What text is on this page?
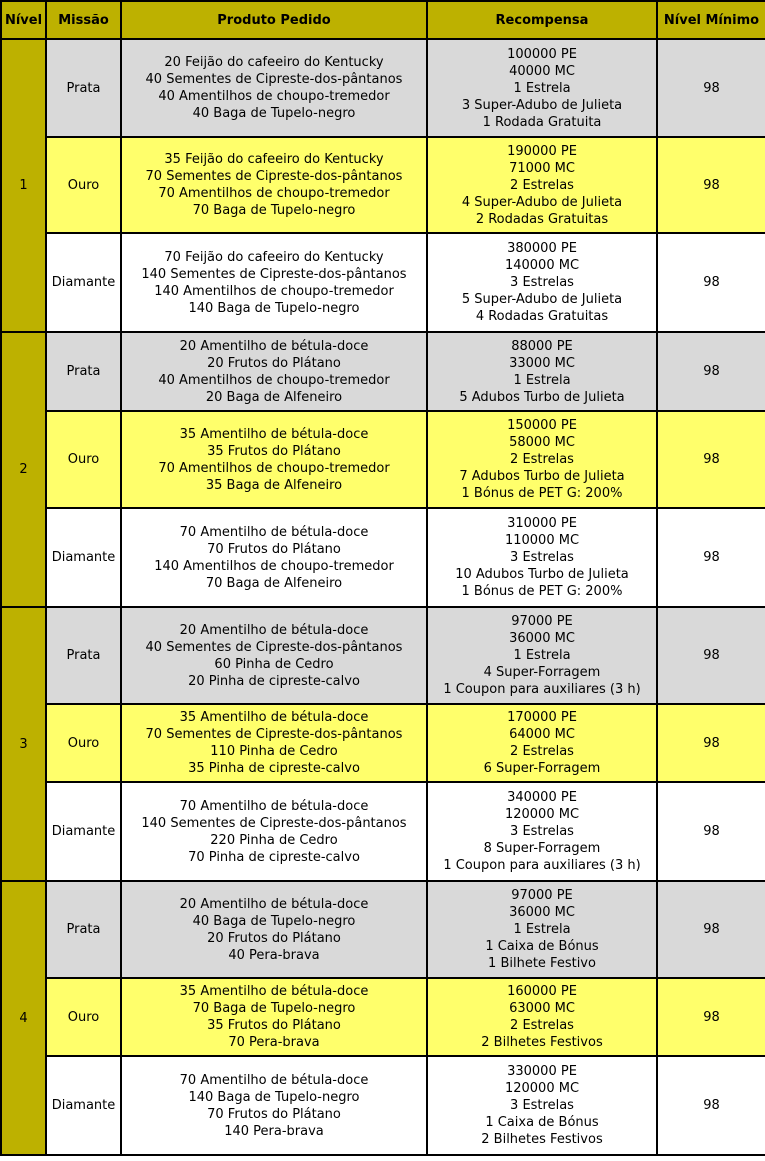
Nível	Missão	Produto Pedido	Recompensa	Nível Mínimo
1	Prata	20 Feijão do cafeeiro do Kentucky
40 Sementes de Cipreste-dos-pântanos
40 Amentilhos de choupo-tremedor
40 Baga de Tupelo-negro	100000 PE
40000 MC
1 Estrela
3 Super-Adubo de Julieta
1 Rodada Gratuita	98
	Ouro	35 Feijão do cafeeiro do Kentucky
70 Sementes de Cipreste-dos-pântanos
70 Amentilhos de choupo-tremedor
70 Baga de Tupelo-negro	190000 PE
71000 MC
2 Estrelas
4 Super-Adubo de Julieta
2 Rodadas Gratuitas	98
	Diamante	70 Feijão do cafeeiro do Kentucky
140 Sementes de Cipreste-dos-pântanos
140 Amentilhos de choupo-tremedor
140 Baga de Tupelo-negro	380000 PE
140000 MC
3 Estrelas
5 Super-Adubo de Julieta
4 Rodadas Gratuitas	98
2	Prata	20 Amentilho de bétula-doce
20 Frutos do Plátano
40 Amentilhos de choupo-tremedor
20 Baga de Alfeneiro	88000 PE
33000 MC
1 Estrela
5 Adubos Turbo de Julieta	98
	Ouro	35 Amentilho de bétula-doce
35 Frutos do Plátano
70 Amentilhos de choupo-tremedor
35 Baga de Alfeneiro	150000 PE
58000 MC
2 Estrelas
7 Adubos Turbo de Julieta
1 Bónus de PET G: 200%	98
	Diamante	70 Amentilho de bétula-doce
70 Frutos do Plátano
140 Amentilhos de choupo-tremedor
70 Baga de Alfeneiro	310000 PE
110000 MC
3 Estrelas
10 Adubos Turbo de Julieta
1 Bónus de PET G: 200%	98
3	Prata	20 Amentilho de bétula-doce
40 Sementes de Cipreste-dos-pântanos
60 Pinha de Cedro
20 Pinha de cipreste-calvo	97000 PE
36000 MC
1 Estrela
4 Super-Forragem
1 Coupon para auxiliares (3 h)	98
	Ouro	35 Amentilho de bétula-doce
70 Sementes de Cipreste-dos-pântanos
110 Pinha de Cedro
35 Pinha de cipreste-calvo	170000 PE
64000 MC
2 Estrelas
6 Super-Forragem	98
	Diamante	70 Amentilho de bétula-doce
140 Sementes de Cipreste-dos-pântanos
220 Pinha de Cedro
70 Pinha de cipreste-calvo	340000 PE
120000 MC
3 Estrelas
8 Super-Forragem
1 Coupon para auxiliares (3 h)	98
4	Prata	20 Amentilho de bétula-doce
40 Baga de Tupelo-negro
20 Frutos do Plátano
40 Pera-brava	97000 PE
36000 MC
1 Estrela
1 Caixa de Bónus
1 Bilhete Festivo	98
	Ouro	35 Amentilho de bétula-doce
70 Baga de Tupelo-negro
35 Frutos do Plátano
70 Pera-brava	160000 PE
63000 MC
2 Estrelas
2 Bilhetes Festivos	98
	Diamante	70 Amentilho de bétula-doce
140 Baga de Tupelo-negro
70 Frutos do Plátano
140 Pera-brava	330000 PE
120000 MC
3 Estrelas
1 Caixa de Bónus
2 Bilhetes Festivos	98
